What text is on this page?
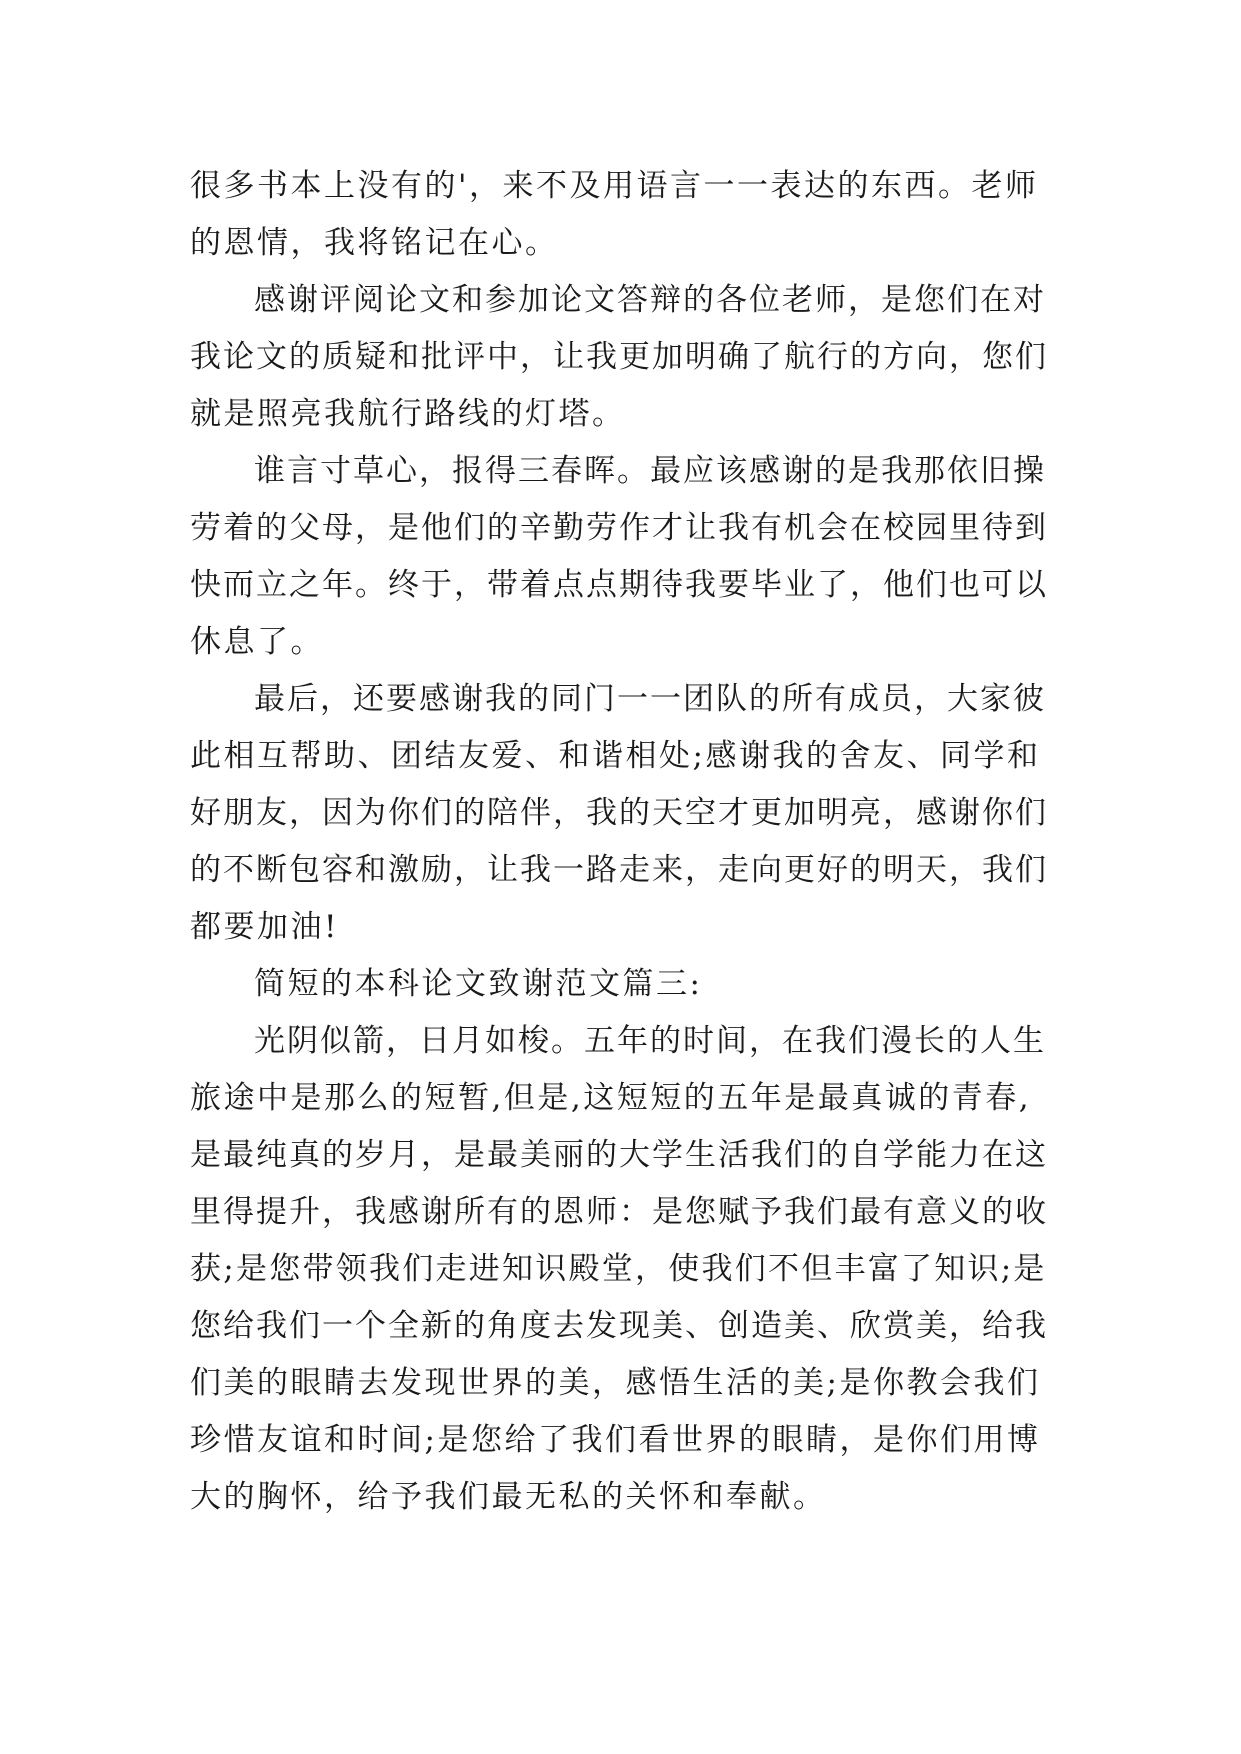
很多书本上没有的'，来不及用语言一一表达的东西。老师
的恩情，我将铭记在心。
感谢评阅论文和参加论文答辩的各位老师，是您们在对
我论文的质疑和批评中，让我更加明确了航行的方向，您们
就是照亮我航行路线的灯塔。
谁言寸草心，报得三春晖。最应该感谢的是我那依旧操
劳着的父母，是他们的辛勤劳作才让我有机会在校园里待到
快而立之年。终于，带着点点期待我要毕业了，他们也可以
休息了。
最后，还要感谢我的同门一一团队的所有成员，大家彼
此相互帮助、团结友爱、和谐相处;感谢我的舍友、同学和
好朋友，因为你们的陪伴，我的天空才更加明亮，感谢你们
的不断包容和激励，让我一路走来，走向更好的明天，我们
都要加油!
简短的本科论文致谢范文篇三:
光阴似箭，日月如梭。五年的时间，在我们漫长的人生
旅途中是那么的短暂,但是,这短短的五年是最真诚的青春,
是最纯真的岁月，是最美丽的大学生活我们的自学能力在这
里得提升，我感谢所有的恩师：是您赋予我们最有意义的收
获;是您带领我们走进知识殿堂，使我们不但丰富了知识;是
您给我们一个全新的角度去发现美、创造美、欣赏美，给我
们美的眼睛去发现世界的美，感悟生活的美;是你教会我们
珍惜友谊和时间;是您给了我们看世界的眼睛，是你们用博
大的胸怀，给予我们最无私的关怀和奉献。
